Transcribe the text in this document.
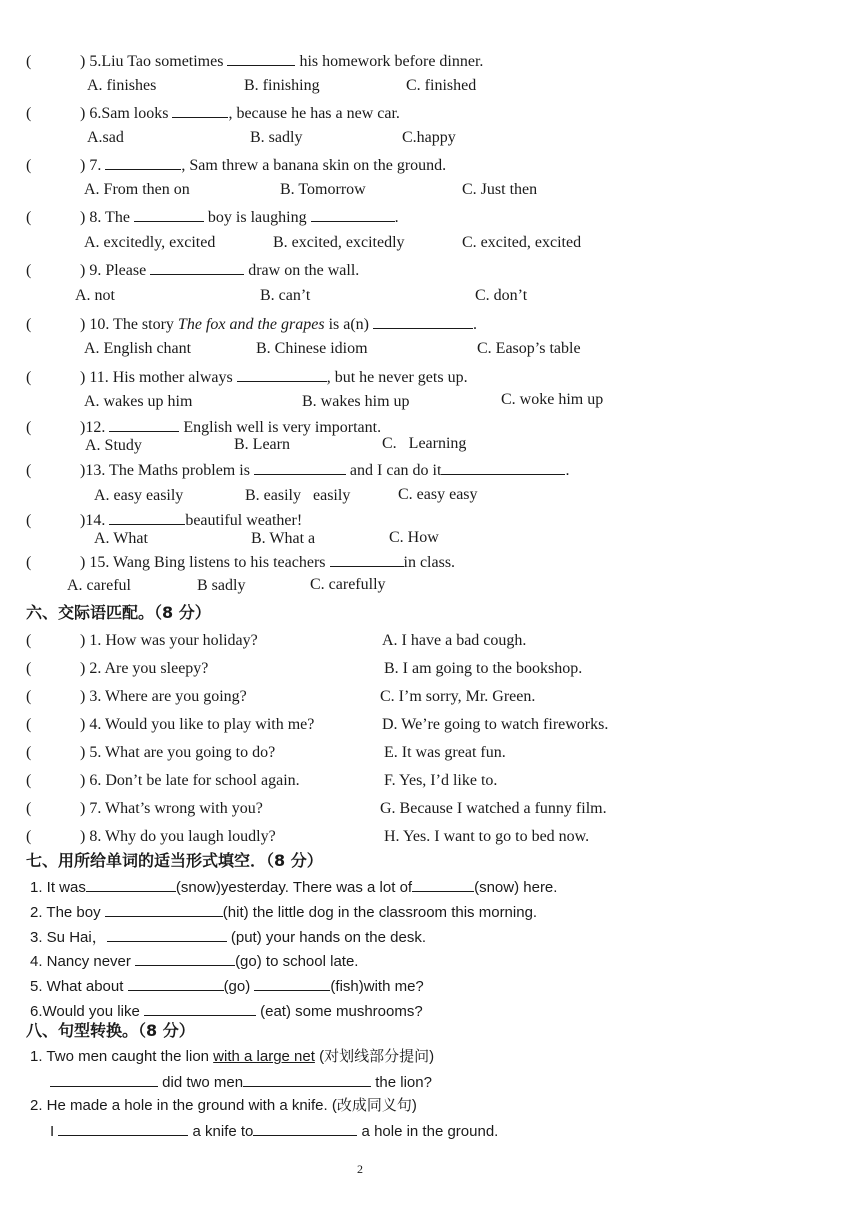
(	) 5.Liu Tao sometimes	his homework before dinner.
A. finishes	B. finishing	C. finished
(	) 6.Sam looks	, because he has a new car.
A.sad	B. sadly	C.happy
(	) 7.	, Sam threw a banana skin on the ground.
A. From then on	B. Tomorrow	C. Just then
(	) 8. The	boy is laughing	.
A. excitedly, excited	B. excited, excitedly	C. excited, excited
(	) 9. Please	draw on the wall.
A. not	B. can’t	C. don’t
(	) 10. The story The fox and the grapes is a(n)	.
A. English chant	B. Chinese idiom	C. Easop’s table
(	) 11. His mother always	, but he never gets up.
A. wakes up him	B. wakes him up	C. woke him up
(	)12.	English well is very important.
A. Study	B. Learn	C.   Learning
(	)13. The Maths problem is	and I can do it	.
A. easy easily	B. easily   easily	C. easy easy
(	)14.	beautiful weather!
A. What	B. What a	C. How
(	) 15. Wang Bing listens to his teachers	in class.
A. careful	B sadly	C. carefully
六、交际语匹配。（8 分）
(	) 1. How was your holiday?	A. I have a bad cough.
(	) 2. Are you sleepy?	B. I am going to the bookshop.
(	) 3. Where are you going?	C. I’m sorry, Mr. Green.
(	) 4. Would you like to play with me?	D. We’re going to watch fireworks.
(	) 5. What are you going to do?	E. It was great fun.
(	) 6. Don’t be late for school again.	F. Yes, I’d like to.
(	) 7. What’s wrong with you?	G. Because I watched a funny film.
(	) 8. Why do you laugh loudly?	H. Yes. I want to go to bed now.
七、用所给单词的适当形式填空．（8 分）
1. It was	(snow)yesterday. There was a lot of	(snow) here.
2. The boy	(hit) the little dog in the classroom this morning.
3. Su Hai，	(put) your hands on the desk.
4. Nancy never	(go) to school late.
5. What about	(go)	(fish)with me?
6.Would you like	(eat) some mushrooms?
八、句型转换。（8 分）
1. Two men caught the lion with a large net (对划线部分提问)
did two men	the lion?
2. He made a hole in the ground with a knife. (改成同义句)
I	a knife to	a hole in the ground.
2
